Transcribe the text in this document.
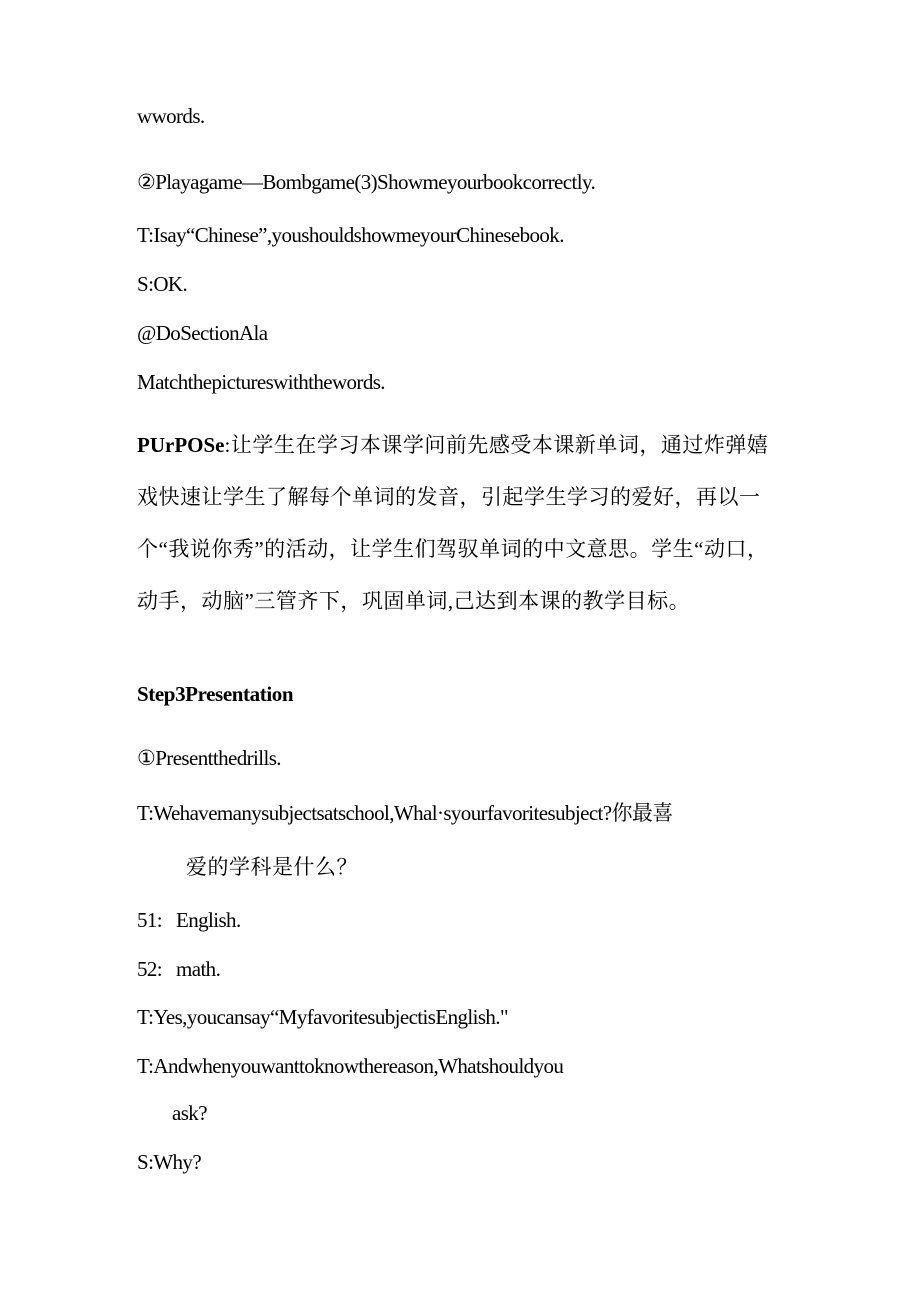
wwords.
②Playagame—Bombgame(3)Showmeyourbookcorrectly.
T:Isay“Chinese”,youshouldshowmeyourChinesebook.
S:OK.
@DoSectionAla
Matchthepictureswiththewords.
PUrPOSe:让学生在学习本课学问前先感受本课新单词，通过炸弹嬉戏快速让学生了解每个单词的发音，引起学生学习的爱好，再以一个“我说你秀”的活动，让学生们驾驭单词的中文意思。学生“动口，动手，动脑”三管齐下，巩固单词,己达到本课的教学目标。
Step3Presentation
①Presentthedrills.
T:Wehavemanysubjectsatschool,Whal·syourfavoritesubject?你最喜
爱的学科是什么？
51:   English.
52:   math.
T:Yes,youcansay“MyfavoritesubjectisEnglish."
T:Andwhenyouwanttoknowthereason,Whatshouldyou
ask?
S:Why?
